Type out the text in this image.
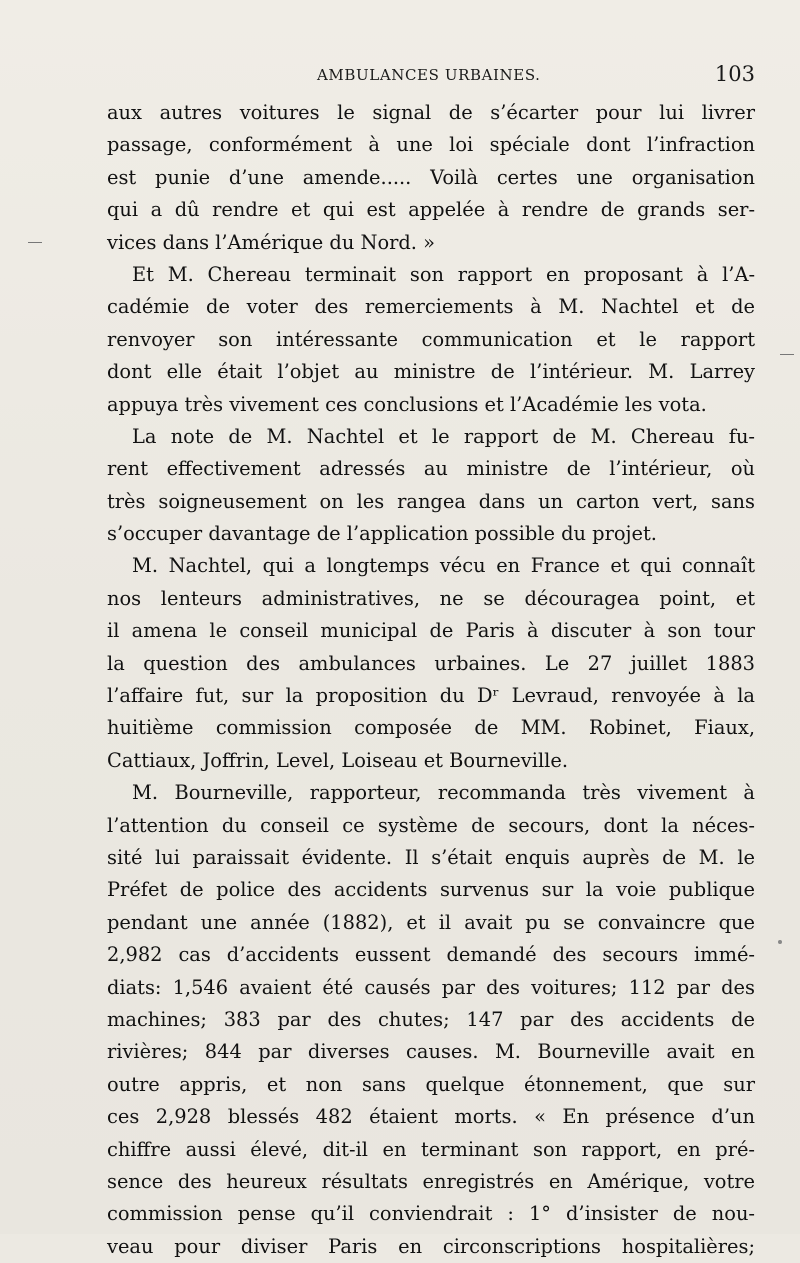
AMBULANCES URBAINES.	103
aux autres voitures le signal de s’écarter pour lui livrer
passage, conformément à une loi spéciale dont l’infraction
est punie d’une amende..... Voilà certes une organisation
qui a dû rendre et qui est appelée à rendre de grands ser-
vices dans l’Amérique du Nord. »
Et M. Chereau terminait son rapport en proposant à l’A-
cadémie de voter des remerciements à M. Nachtel et de
renvoyer son intéressante communication et le rapport
dont elle était l’objet au ministre de l’intérieur. M. Larrey
appuya très vivement ces conclusions et l’Académie les vota.
La note de M. Nachtel et le rapport de M. Chereau fu-
rent effectivement adressés au ministre de l’intérieur, où
très soigneusement on les rangea dans un carton vert, sans
s’occuper davantage de l’application possible du projet.
M. Nachtel, qui a longtemps vécu en France et qui connaît
nos lenteurs administratives, ne se découragea point, et
il amena le conseil municipal de Paris à discuter à son tour
la question des ambulances urbaines. Le 27 juillet 1883
l’affaire fut, sur la proposition du Dʳ Levraud, renvoyée à la
huitième commission composée de MM. Robinet, Fiaux,
Cattiaux, Joffrin, Level, Loiseau et Bourneville.
M. Bourneville, rapporteur, recommanda très vivement à
l’attention du conseil ce système de secours, dont la néces-
sité lui paraissait évidente. Il s’était enquis auprès de M. le
Préfet de police des accidents survenus sur la voie publique
pendant une année (1882), et il avait pu se convaincre que
2,982 cas d’accidents eussent demandé des secours immé-
diats: 1,546 avaient été causés par des voitures; 112 par des
machines; 383 par des chutes; 147 par des accidents de
rivières; 844 par diverses causes. M. Bourneville avait en
outre appris, et non sans quelque étonnement, que sur
ces 2,928 blessés 482 étaient morts. « En présence d’un
chiffre aussi élevé, dit-il en terminant son rapport, en pré-
sence des heureux résultats enregistrés en Amérique, votre
commission pense qu’il conviendrait : 1° d’insister de nou-
veau pour diviser Paris en circonscriptions hospitalières;
